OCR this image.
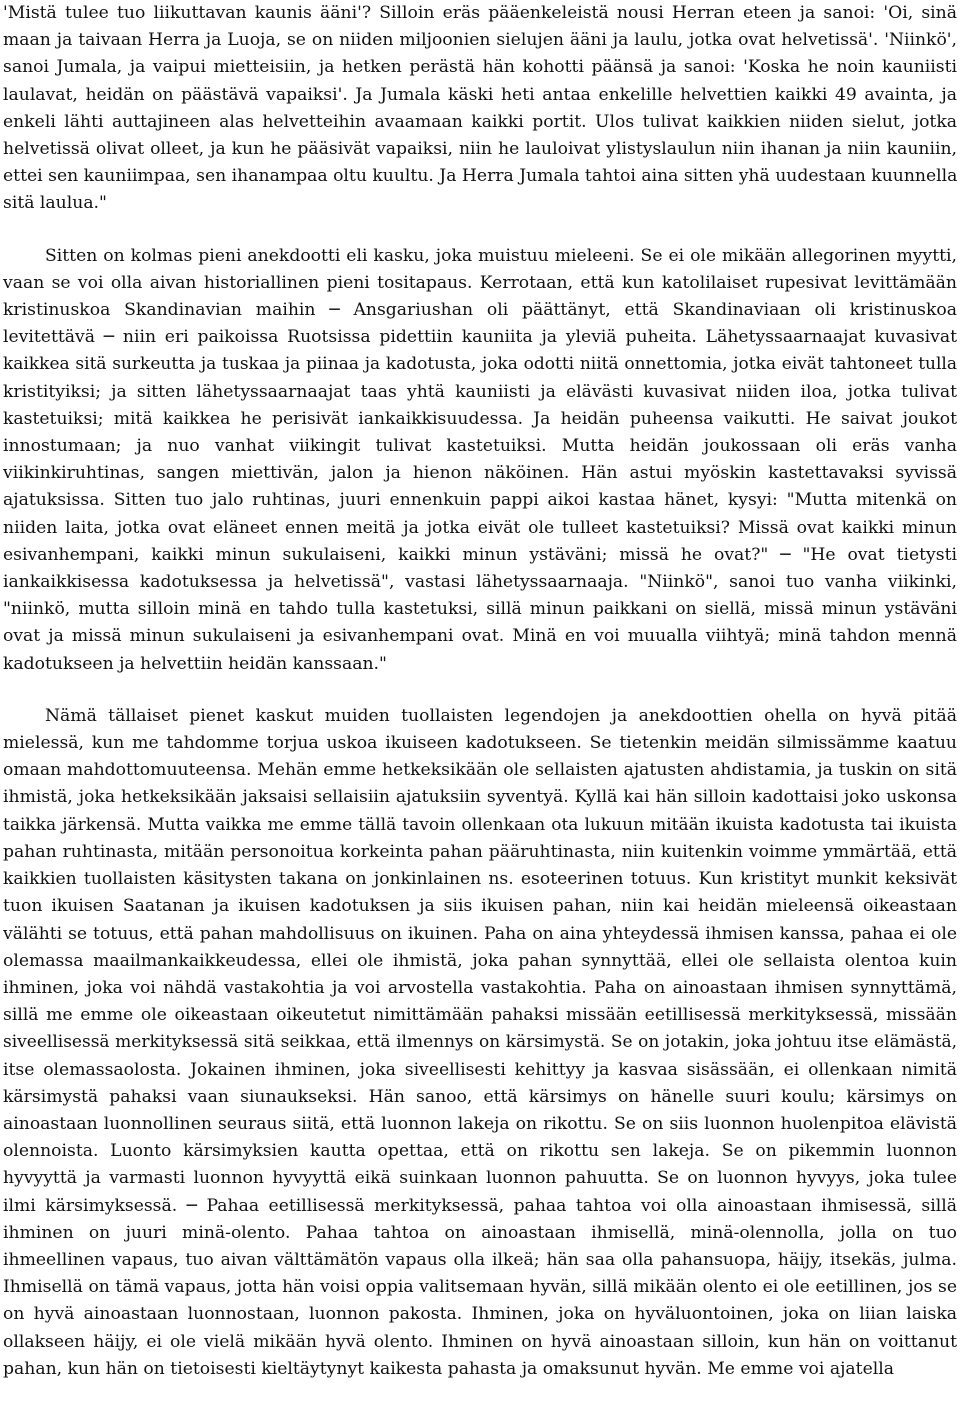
'Mistä tulee tuo liikuttavan kaunis ääni'? Silloin eräs pääenkeleistä nousi Herran eteen ja sanoi: 'Oi, sinä
maan ja taivaan Herra ja Luoja, se on niiden miljoonien sielujen ääni ja laulu, jotka ovat helvetissä'. 'Niinkö',
sanoi Jumala, ja vaipui mietteisiin, ja hetken perästä hän kohotti päänsä ja sanoi: 'Koska he noin kauniisti
laulavat, heidän on päästävä vapaiksi'. Ja Jumala käski heti antaa enkelille helvettien kaikki 49 avainta, ja
enkeli lähti auttajineen alas helvetteihin avaamaan kaikki portit. Ulos tulivat kaikkien niiden sielut, jotka
helvetissä olivat olleet, ja kun he pääsivät vapaiksi, niin he lauloivat ylistyslaulun niin ihanan ja niin kauniin,
ettei sen kauniimpaa, sen ihanampaa oltu kuultu. Ja Herra Jumala tahtoi aina sitten yhä uudestaan kuunnella
sitä laulua."
Sitten on kolmas pieni anekdootti eli kasku, joka muistuu mieleeni. Se ei ole mikään allegorinen myytti,
vaan se voi olla aivan historiallinen pieni tositapaus. Kerrotaan, että kun katolilaiset rupesivat levittämään
kristinuskoa Skandinavian maihin ─ Ansgariushan oli päättänyt, että Skandinaviaan oli kristinuskoa
levitettävä ─ niin eri paikoissa Ruotsissa pidettiin kauniita ja yleviä puheita. Lähetyssaarnaajat kuvasivat
kaikkea sitä surkeutta ja tuskaa ja piinaa ja kadotusta, joka odotti niitä onnettomia, jotka eivät tahtoneet tulla
kristityiksi; ja sitten lähetyssaarnaajat taas yhtä kauniisti ja elävästi kuvasivat niiden iloa, jotka tulivat
kastetuiksi; mitä kaikkea he perisivät iankaikkisuudessa. Ja heidän puheensa vaikutti. He saivat joukot
innostumaan; ja nuo vanhat viikingit tulivat kastetuiksi. Mutta heidän joukossaan oli eräs vanha
viikinkiruhtinas, sangen miettivän, jalon ja hienon näköinen. Hän astui myöskin kastettavaksi syvissä
ajatuksissa. Sitten tuo jalo ruhtinas, juuri ennenkuin pappi aikoi kastaa hänet, kysyi: "Mutta mitenkä on
niiden laita, jotka ovat eläneet ennen meitä ja jotka eivät ole tulleet kastetuiksi? Missä ovat kaikki minun
esivanhempani, kaikki minun sukulaiseni, kaikki minun ystäväni; missä he ovat?" ─ "He ovat tietysti
iankaikkisessa kadotuksessa ja helvetissä", vastasi lähetyssaarnaaja. "Niinkö", sanoi tuo vanha viikinki,
"niinkö, mutta silloin minä en tahdo tulla kastetuksi, sillä minun paikkani on siellä, missä minun ystäväni
ovat ja missä minun sukulaiseni ja esivanhempani ovat. Minä en voi muualla viihtyä; minä tahdon mennä
kadotukseen ja helvettiin heidän kanssaan."
Nämä tällaiset pienet kaskut muiden tuollaisten legendojen ja anekdoottien ohella on hyvä pitää
mielessä, kun me tahdomme torjua uskoa ikuiseen kadotukseen. Se tietenkin meidän silmissämme kaatuu
omaan mahdottomuuteensa. Mehän emme hetkeksikään ole sellaisten ajatusten ahdistamia, ja tuskin on sitä
ihmistä, joka hetkeksikään jaksaisi sellaisiin ajatuksiin syventyä. Kyllä kai hän silloin kadottaisi joko uskonsa
taikka järkensä. Mutta vaikka me emme tällä tavoin ollenkaan ota lukuun mitään ikuista kadotusta tai ikuista
pahan ruhtinasta, mitään personoitua korkeinta pahan pääruhtinasta, niin kuitenkin voimme ymmärtää, että
kaikkien tuollaisten käsitysten takana on jonkinlainen ns. esoteerinen totuus. Kun kristityt munkit keksivät
tuon ikuisen Saatanan ja ikuisen kadotuksen ja siis ikuisen pahan, niin kai heidän mieleensä oikeastaan
välähti se totuus, että pahan mahdollisuus on ikuinen. Paha on aina yhteydessä ihmisen kanssa, pahaa ei ole
olemassa maailmankaikkeudessa, ellei ole ihmistä, joka pahan synnyttää, ellei ole sellaista olentoa kuin
ihminen, joka voi nähdä vastakohtia ja voi arvostella vastakohtia. Paha on ainoastaan ihmisen synnyttämä,
sillä me emme ole oikeastaan oikeutetut nimittämään pahaksi missään eetillisessä merkityksessä, missään
siveellisessä merkityksessä sitä seikkaa, että ilmennys on kärsimystä. Se on jotakin, joka johtuu itse elämästä,
itse olemassaolosta. Jokainen ihminen, joka siveellisesti kehittyy ja kasvaa sisässään, ei ollenkaan nimitä
kärsimystä pahaksi vaan siunaukseksi. Hän sanoo, että kärsimys on hänelle suuri koulu; kärsimys on
ainoastaan luonnollinen seuraus siitä, että luonnon lakeja on rikottu. Se on siis luonnon huolenpitoa elävistä
olennoista. Luonto kärsimyksien kautta opettaa, että on rikottu sen lakeja. Se on pikemmin luonnon
hyvyyttä ja varmasti luonnon hyvyyttä eikä suinkaan luonnon pahuutta. Se on luonnon hyvyys, joka tulee
ilmi kärsimyksessä. ─ Pahaa eetillisessä merkityksessä, pahaa tahtoa voi olla ainoastaan ihmisessä, sillä
ihminen on juuri minä-olento. Pahaa tahtoa on ainoastaan ihmisellä, minä-olennolla, jolla on tuo
ihmeellinen vapaus, tuo aivan välttämätön vapaus olla ilkeä; hän saa olla pahansuopa, häijy, itsekäs, julma.
Ihmisellä on tämä vapaus, jotta hän voisi oppia valitsemaan hyvän, sillä mikään olento ei ole eetillinen, jos se
on hyvä ainoastaan luonnostaan, luonnon pakosta. Ihminen, joka on hyväluontoinen, joka on liian laiska
ollakseen häijy, ei ole vielä mikään hyvä olento. Ihminen on hyvä ainoastaan silloin, kun hän on voittanut
pahan, kun hän on tietoisesti kieltäytynyt kaikesta pahasta ja omaksunut hyvän. Me emme voi ajatella
